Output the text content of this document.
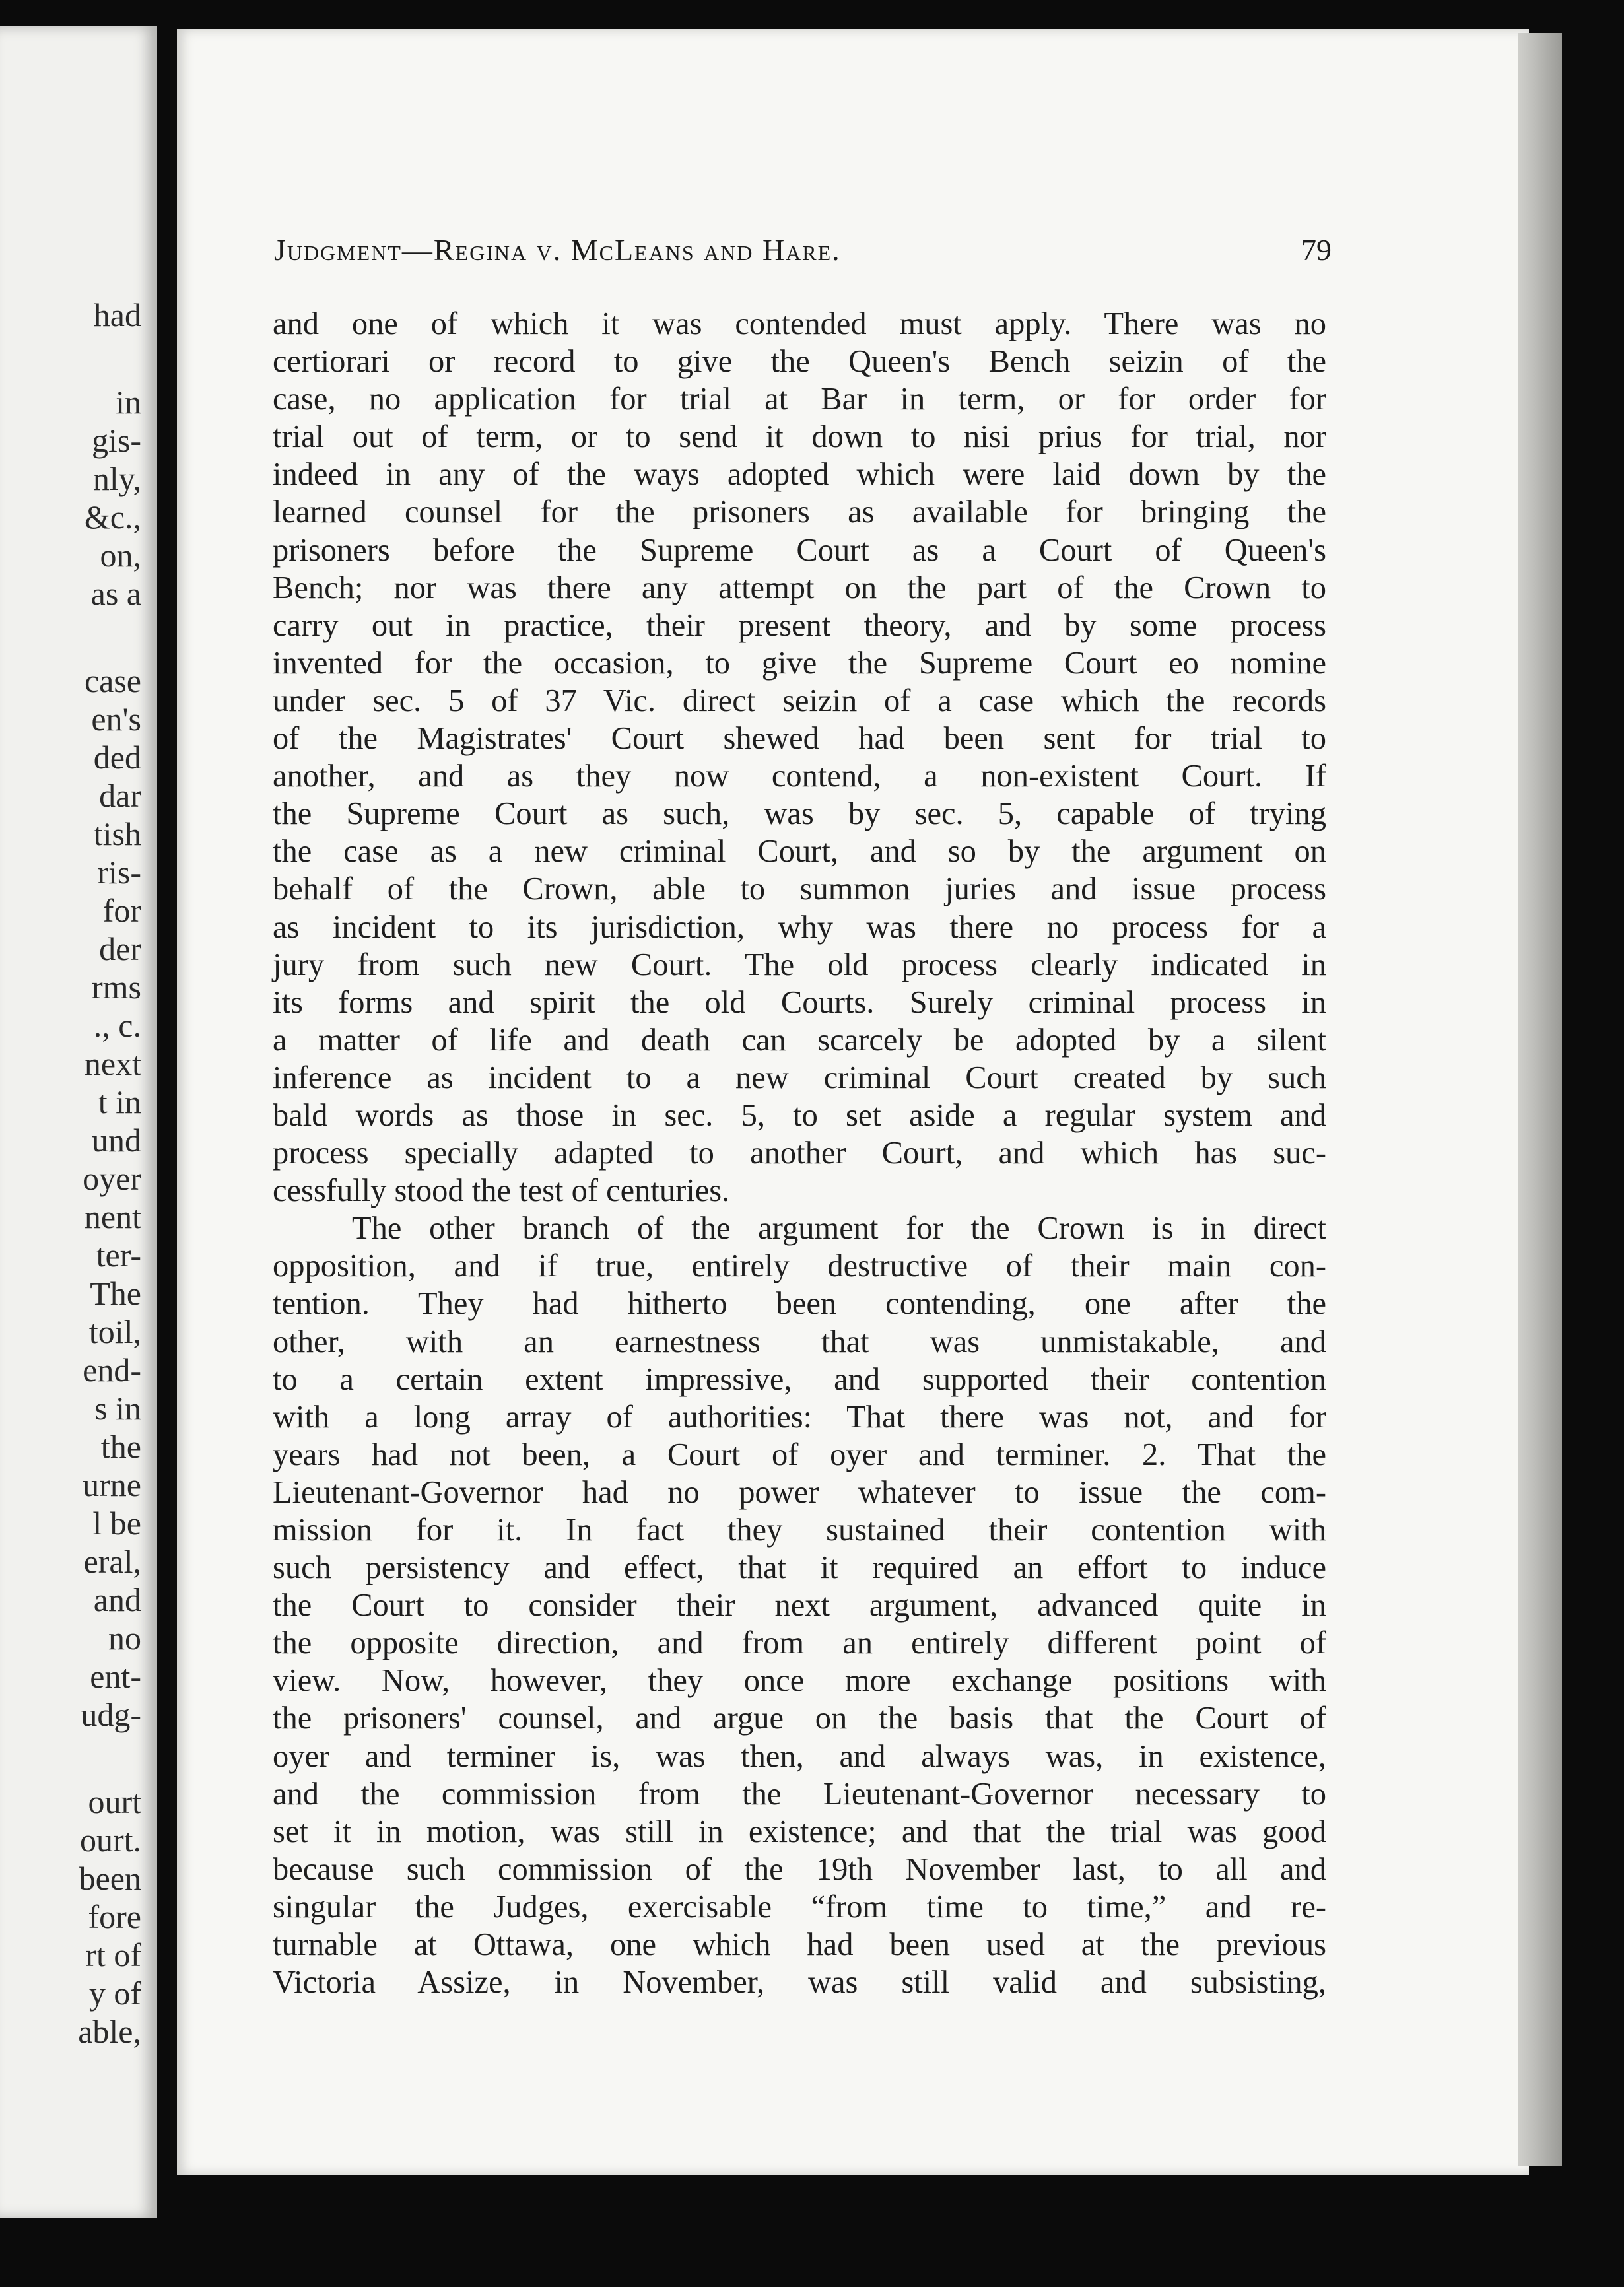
had
in
gis-
nly,
&c.,
on,
as a
case
en's
ded
dar
tish
ris-
for
der
rms
., c.
next
t in
und
oyer
nent
ter-
The
toil,
end-
s in
the
urne
l be
eral,
and
no
ent-
udg-
ourt
ourt.
been
fore
rt of
y of
able,
Judgment—Regina v. McLeans and Hare.	79
and one of which it was contended must apply. There was no
certiorari or record to give the Queen's Bench seizin of the
case, no application for trial at Bar in term, or for order for
trial out of term, or to send it down to nisi prius for trial, nor
indeed in any of the ways adopted which were laid down by the
learned counsel for the prisoners as available for bringing the
prisoners before the Supreme Court as a Court of Queen's
Bench; nor was there any attempt on the part of the Crown to
carry out in practice, their present theory, and by some process
invented for the occasion, to give the Supreme Court eo nomine
under sec. 5 of 37 Vic. direct seizin of a case which the records
of the Magistrates' Court shewed had been sent for trial to
another, and as they now contend, a non-existent Court. If
the Supreme Court as such, was by sec. 5, capable of trying
the case as a new criminal Court, and so by the argument on
behalf of the Crown, able to summon juries and issue process
as incident to its jurisdiction, why was there no process for a
jury from such new Court. The old process clearly indicated in
its forms and spirit the old Courts. Surely criminal process in
a matter of life and death can scarcely be adopted by a silent
inference as incident to a new criminal Court created by such
bald words as those in sec. 5, to set aside a regular system and
process specially adapted to another Court, and which has suc-
cessfully stood the test of centuries.
The other branch of the argument for the Crown is in direct
opposition, and if true, entirely destructive of their main con-
tention. They had hitherto been contending, one after the
other, with an earnestness that was unmistakable, and
to a certain extent impressive, and supported their contention
with a long array of authorities: That there was not, and for
years had not been, a Court of oyer and terminer. 2. That the
Lieutenant-Governor had no power whatever to issue the com-
mission for it. In fact they sustained their contention with
such persistency and effect, that it required an effort to induce
the Court to consider their next argument, advanced quite in
the opposite direction, and from an entirely different point of
view. Now, however, they once more exchange positions with
the prisoners' counsel, and argue on the basis that the Court of
oyer and terminer is, was then, and always was, in existence,
and the commission from the Lieutenant-Governor necessary to
set it in motion, was still in existence; and that the trial was good
because such commission of the 19th November last, to all and
singular the Judges, exercisable “from time to time,” and re-
turnable at Ottawa, one which had been used at the previous
Victoria Assize, in November, was still valid and subsisting,
